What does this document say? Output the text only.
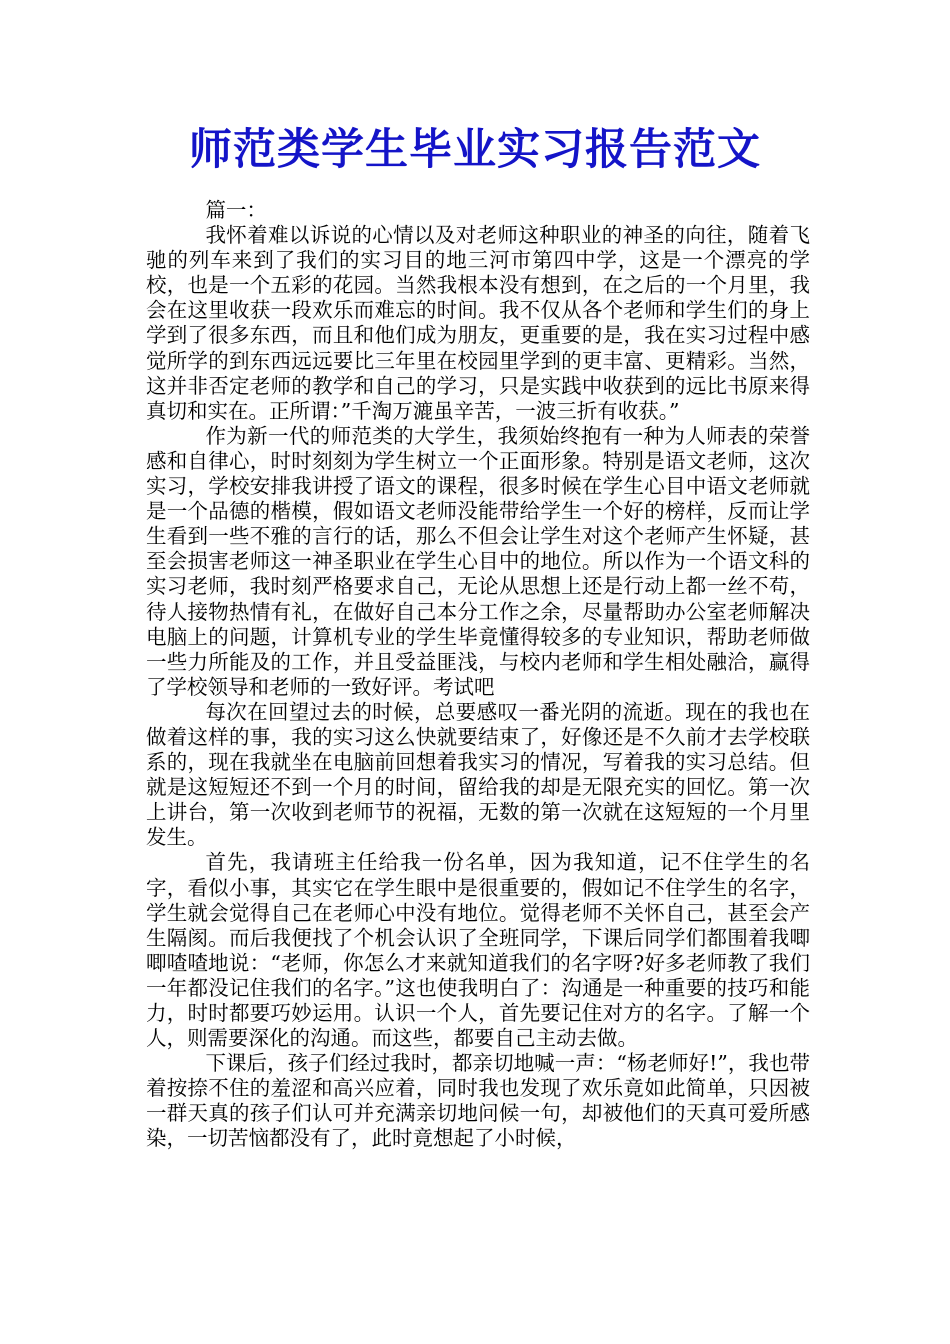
师范类学生毕业实习报告范文

篇一：

我怀着难以诉说的心情以及对老师这种职业的神圣的向往，随着飞驰的列车来到了我们的实习目的地三河市第四中学，这是一个漂亮的学校，也是一个五彩的花园。当然我根本没有想到，在之后的一个月里，我会在这里收获一段欢乐而难忘的时间。我不仅从各个老师和学生们的身上学到了很多东西，而且和他们成为朋友，更重要的是，我在实习过程中感觉所学的到东西远远要比三年里在校园里学到的更丰富、更精彩。当然，这并非否定老师的教学和自己的学习，只是实践中收获到的远比书原来得真切和实在。正所谓：”千淘万漉虽辛苦，一波三折有收获。”

作为新一代的师范类的大学生，我须始终抱有一种为人师表的荣誉感和自律心，时时刻刻为学生树立一个正面形象。特别是语文老师，这次实习，学校安排我讲授了语文的课程，很多时候在学生心目中语文老师就是一个品德的楷模，假如语文老师没能带给学生一个好的榜样，反而让学生看到一些不雅的言行的话，那么不但会让学生对这个老师产生怀疑，甚至会损害老师这一神圣职业在学生心目中的地位。所以作为一个语文科的实习老师，我时刻严格要求自己，无论从思想上还是行动上都一丝不苟，待人接物热情有礼，在做好自己本分工作之余，尽量帮助办公室老师解决电脑上的问题，计算机专业的学生毕竟懂得较多的专业知识，帮助老师做一些力所能及的工作，并且受益匪浅，与校内老师和学生相处融洽，赢得了学校领导和老师的一致好评。考试吧

每次在回望过去的时候，总要感叹一番光阴的流逝。现在的我也在做着这样的事，我的实习这么快就要结束了，好像还是不久前才去学校联系的，现在我就坐在电脑前回想着我实习的情况，写着我的实习总结。但就是这短短还不到一个月的时间，留给我的却是无限充实的回忆。第一次上讲台，第一次收到老师节的祝福，无数的第一次就在这短短的一个月里发生。

首先，我请班主任给我一份名单，因为我知道，记不住学生的名字，看似小事，其实它在学生眼中是很重要的，假如记不住学生的名字，学生就会觉得自己在老师心中没有地位。觉得老师不关怀自己，甚至会产生隔阂。而后我便找了个机会认识了全班同学，下课后同学们都围着我唧唧喳喳地说：“老师，你怎么才来就知道我们的名字呀?好多老师教了我们一年都没记住我们的名字。”这也使我明白了：沟通是一种重要的技巧和能力，时时都要巧妙运用。认识一个人，首先要记住对方的名字。了解一个人，则需要深化的沟通。而这些，都要自己主动去做。

下课后，孩子们经过我时，都亲切地喊一声：“杨老师好!”，我也带着按捺不住的羞涩和高兴应着，同时我也发现了欢乐竟如此简单，只因被一群天真的孩子们认可并充满亲切地问候一句，却被他们的天真可爱所感染，一切苦恼都没有了，此时竟想起了小时候，
